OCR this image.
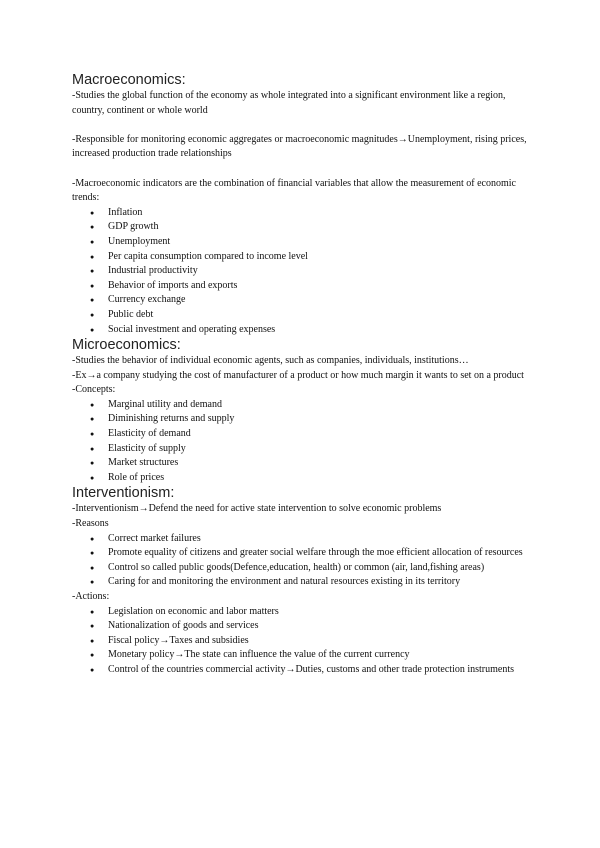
Macroeconomics:

-Studies the global function of the economy as whole integrated into a significant environment like a region, country, continent or whole world

-Responsible for monitoring economic aggregates or macroeconomic magnitudes→Unemployment, rising prices, increased production trade relationships

-Macroeconomic indicators are the combination of financial variables that allow the measurement of economic trends:

● Inflation
● GDP growth
● Unemployment
● Per capita consumption compared to income level
● Industrial productivity
● Behavior of imports and exports
● Currency exchange
● Public debt
● Social investment and operating expenses
Microeconomics:

-Studies the behavior of individual economic agents, such as companies, individuals, institutions…

-Ex→a company studying the cost of manufacturer of a product or how much margin it wants to set on a product

-Concepts:

● Marginal utility and demand
● Diminishing returns and supply
● Elasticity of demand
● Elasticity of supply
● Market structures
● Role of prices
Interventionism:

-Interventionism→Defend the need for active state intervention to solve economic problems

-Reasons

● Correct market failures
● Promote equality of citizens and greater social welfare through the moe efficient allocation of resources
● Control so called public goods(Defence,education, health) or common (air, land,fishing areas)
● Caring for and monitoring the environment and natural resources existing in its territory

-Actions:

● Legislation on economic and labor matters
● Nationalization of goods and services
● Fiscal policy→Taxes and subsidies
● Monetary policy→The state can influence the value of the current currency
● Control of the countries commercial activity→Duties, customs and other trade protection instruments
